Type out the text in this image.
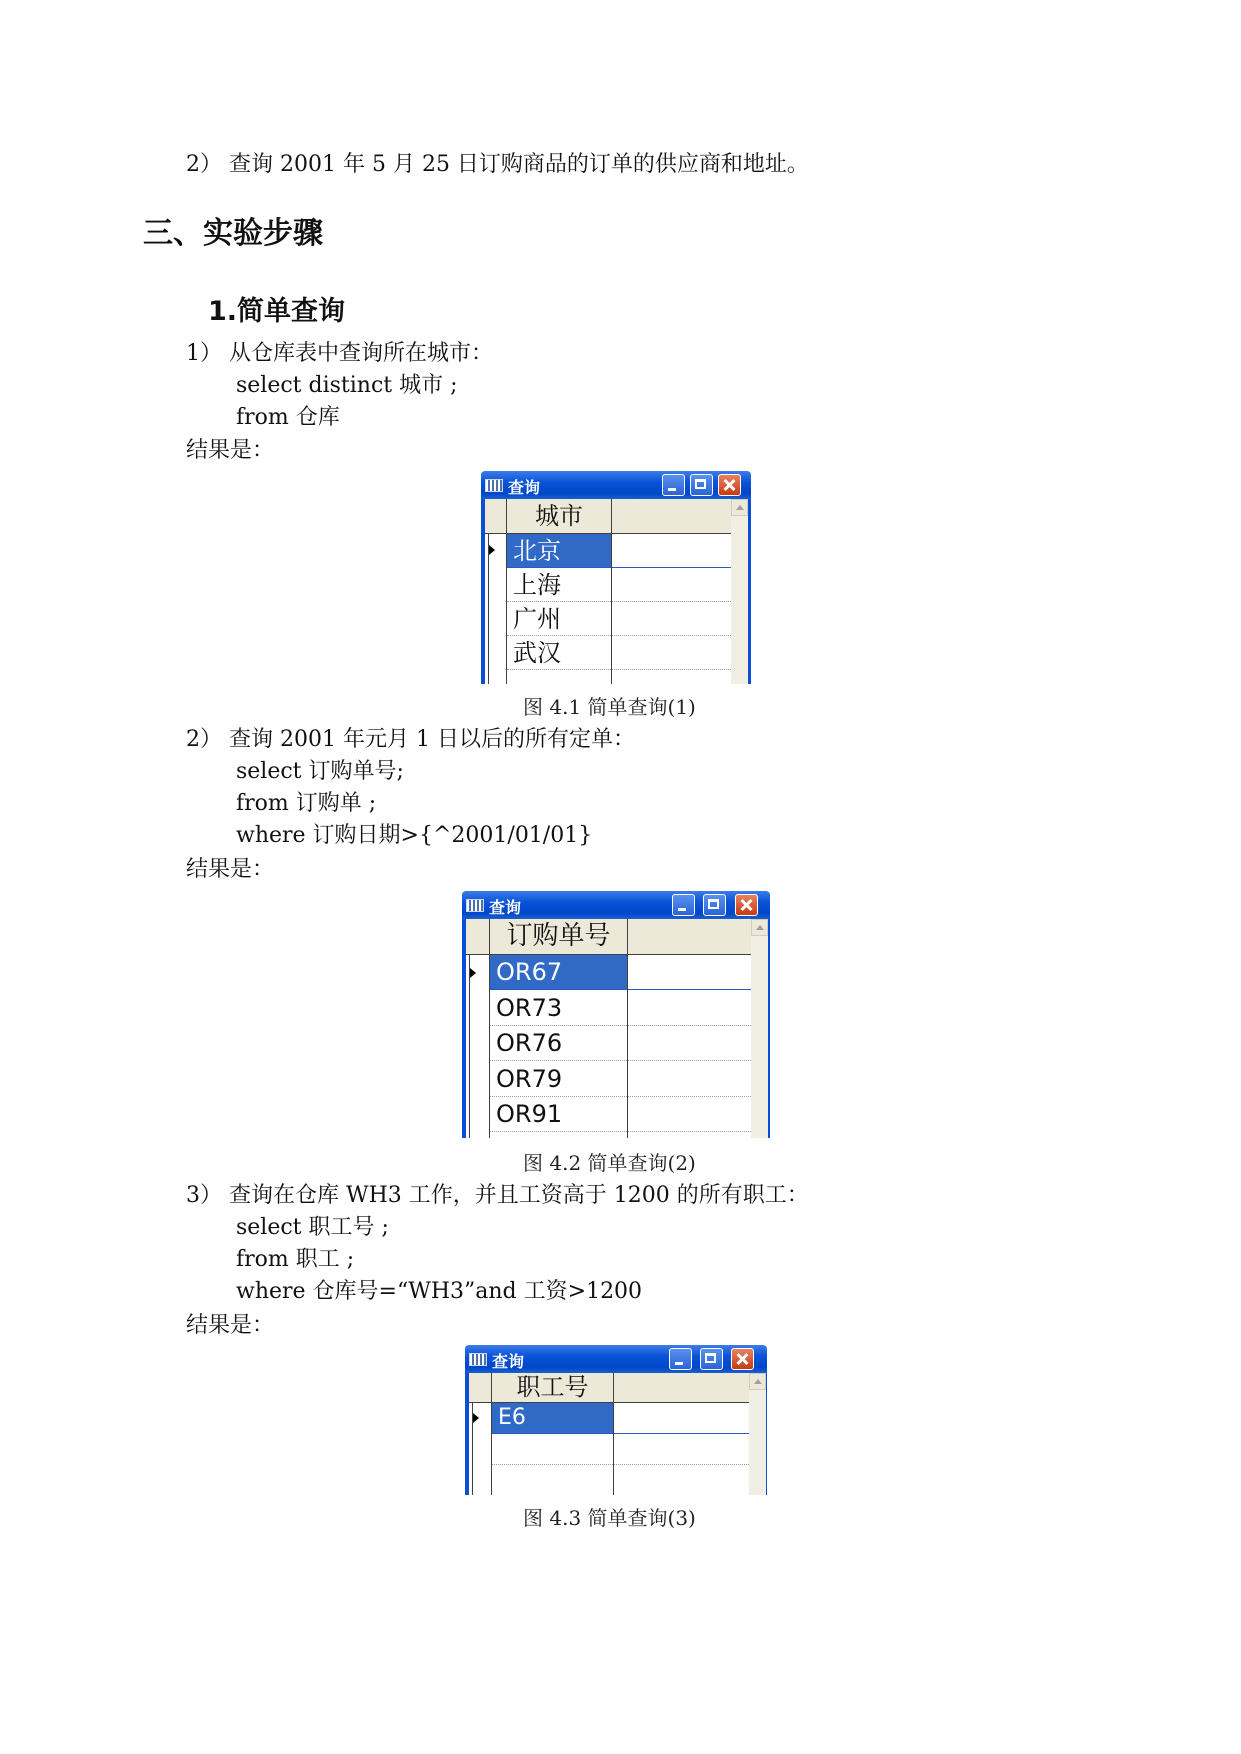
2） 查询 2001 年 5 月 25 日订购商品的订单的供应商和地址。
三、实验步骤
1.简单查询
1） 从仓库表中查询所在城市：
select distinct 城市 ;
from 仓库
结果是：
查询
城市
北京
上海
广州
武汉
图 4.1 简单查询(1)
2） 查询 2001 年元月 1 日以后的所有定单：
select 订购单号;
from 订购单 ;
where 订购日期>{^2001/01/01}
结果是：
查询
订购单号
OR67
OR73
OR76
OR79
OR91
图 4.2 简单查询(2)
3） 查询在仓库 WH3 工作，并且工资高于 1200 的所有职工：
select 职工号 ;
from 职工 ;
where 仓库号=“WH3”and 工资>1200
结果是：
查询
职工号
E6
图 4.3 简单查询(3)
